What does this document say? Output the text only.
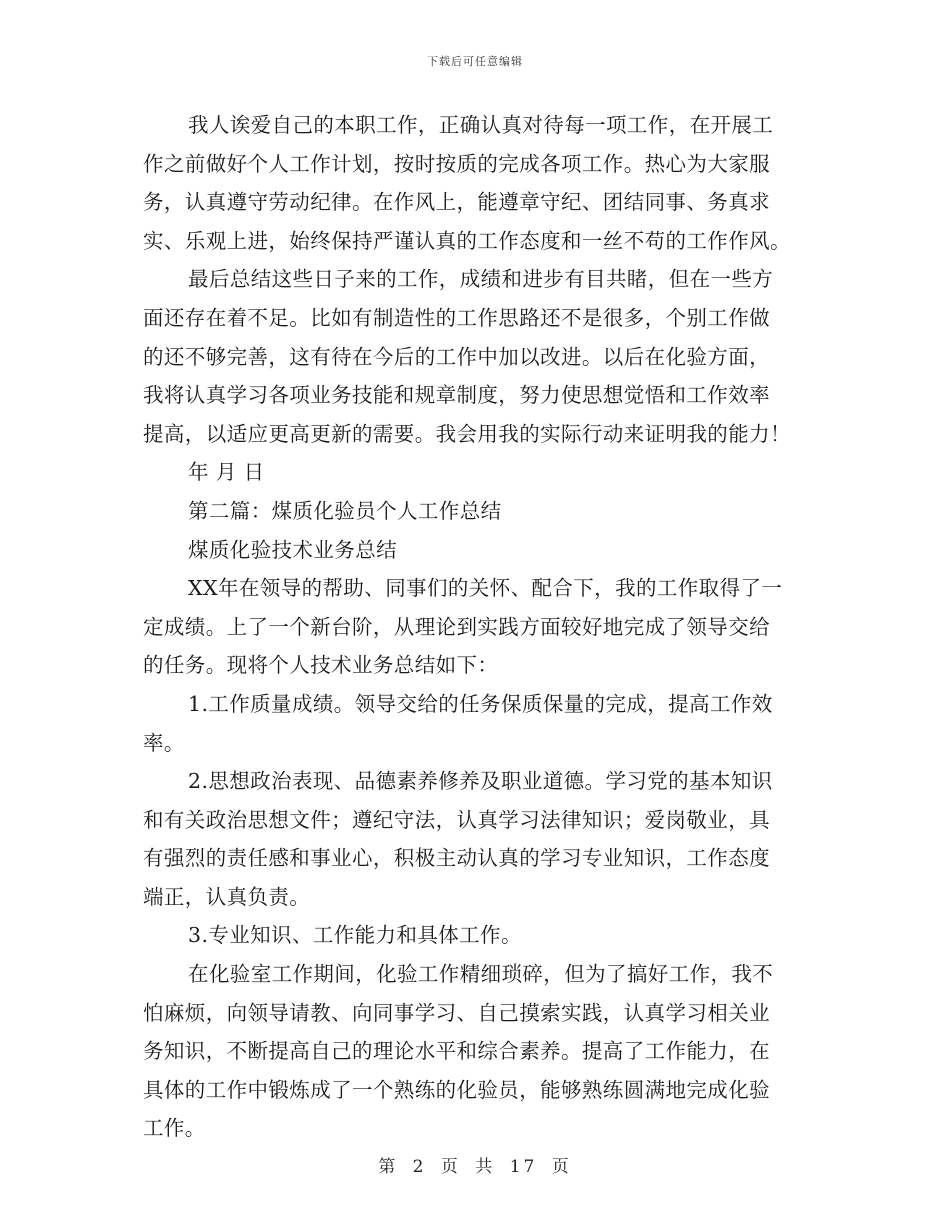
下载后可任意编辑
我人诶爱自己的本职工作，正确认真对待每一项工作，在开展工
作之前做好个人工作计划，按时按质的完成各项工作。热心为大家服
务，认真遵守劳动纪律。在作风上，能遵章守纪、团结同事、务真求
实、乐观上进，始终保持严谨认真的工作态度和一丝不苟的工作作风。
最后总结这些日子来的工作，成绩和进步有目共睹，但在一些方
面还存在着不足。比如有制造性的工作思路还不是很多，个别工作做
的还不够完善，这有待在今后的工作中加以改进。以后在化验方面，
我将认真学习各项业务技能和规章制度，努力使思想觉悟和工作效率
提高，以适应更高更新的需要。我会用我的实际行动来证明我的能力！
年 月 日
第二篇：煤质化验员个人工作总结
煤质化验技术业务总结
XX年在领导的帮助、同事们的关怀、配合下，我的工作取得了一
定成绩。上了一个新台阶，从理论到实践方面较好地完成了领导交给
的任务。现将个人技术业务总结如下：
1.工作质量成绩。领导交给的任务保质保量的完成，提高工作效
率。
2.思想政治表现、品德素养修养及职业道德。学习党的基本知识
和有关政治思想文件；遵纪守法，认真学习法律知识；爱岗敬业，具
有强烈的责任感和事业心，积极主动认真的学习专业知识，工作态度
端正，认真负责。
3.专业知识、工作能力和具体工作。
在化验室工作期间，化验工作精细琐碎，但为了搞好工作，我不
怕麻烦，向领导请教、向同事学习、自己摸索实践，认真学习相关业
务知识，不断提高自己的理论水平和综合素养。提高了工作能力，在
具体的工作中锻炼成了一个熟练的化验员，能够熟练圆满地完成化验
工作。
第 2 页 共 17 页
